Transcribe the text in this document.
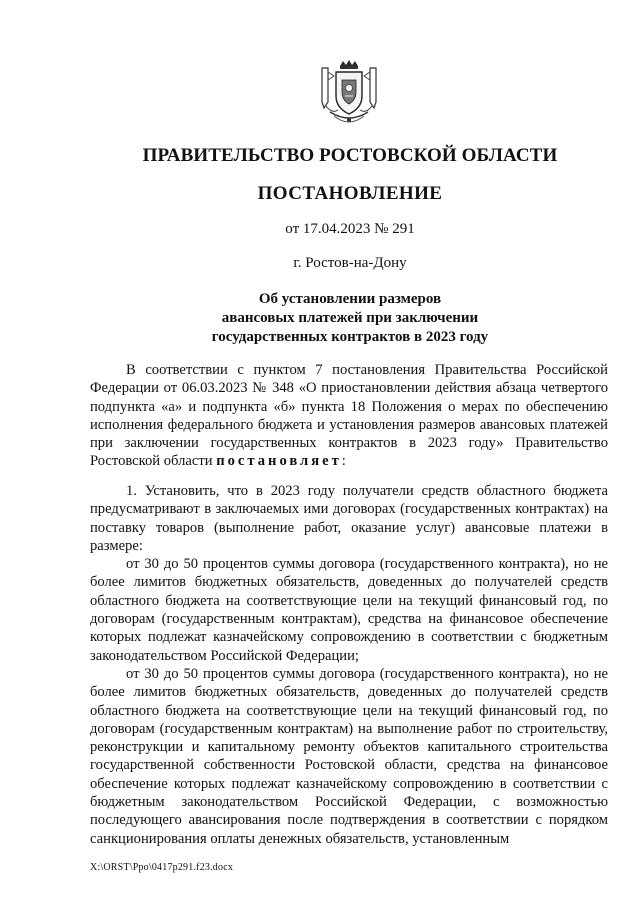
ПРАВИТЕЛЬСТВО РОСТОВСКОЙ ОБЛАСТИ
ПОСТАНОВЛЕНИЕ
от 17.04.2023 № 291
г. Ростов-на-Дону
Об установлении размеров
авансовых платежей при заключении
государственных контрактов в 2023 году

В соответствии с пунктом 7 постановления Правительства Российской Федерации от 06.03.2023 № 348 «О приостановлении действия абзаца четвертого подпункта «а» и подпункта «б» пункта 18 Положения о мерах по обеспечению исполнения федерального бюджета и установления размеров авансовых платежей при заключении государственных контрактов в 2023 году» Правительство Ростовской области постановляет:

1. Установить, что в 2023 году получатели средств областного бюджета предусматривают в заключаемых ими договорах (государственных контрактах) на поставку товаров (выполнение работ, оказание услуг) авансовые платежи в размере:

от 30 до 50 процентов суммы договора (государственного контракта), но не более лимитов бюджетных обязательств, доведенных до получателей средств областного бюджета на соответствующие цели на текущий финансовый год, по договорам (государственным контрактам), средства на финансовое обеспечение которых подлежат казначейскому сопровождению в соответствии с бюджетным законодательством Российской Федерации;

от 30 до 50 процентов суммы договора (государственного контракта), но не более лимитов бюджетных обязательств, доведенных до получателей средств областного бюджета на соответствующие цели на текущий финансовый год, по договорам (государственным контрактам) на выполнение работ по строительству, реконструкции и капитальному ремонту объектов капитального строительства государственной собственности Ростовской области, средства на финансовое обеспечение которых подлежат казначейскому сопровождению в соответствии с бюджетным законодательством Российской Федерации, с возможностью последующего авансирования после подтверждения в соответствии с порядком санкционирования оплаты денежных обязательств, установленным

X:\ORST\Ppo\0417p291.f23.docx
